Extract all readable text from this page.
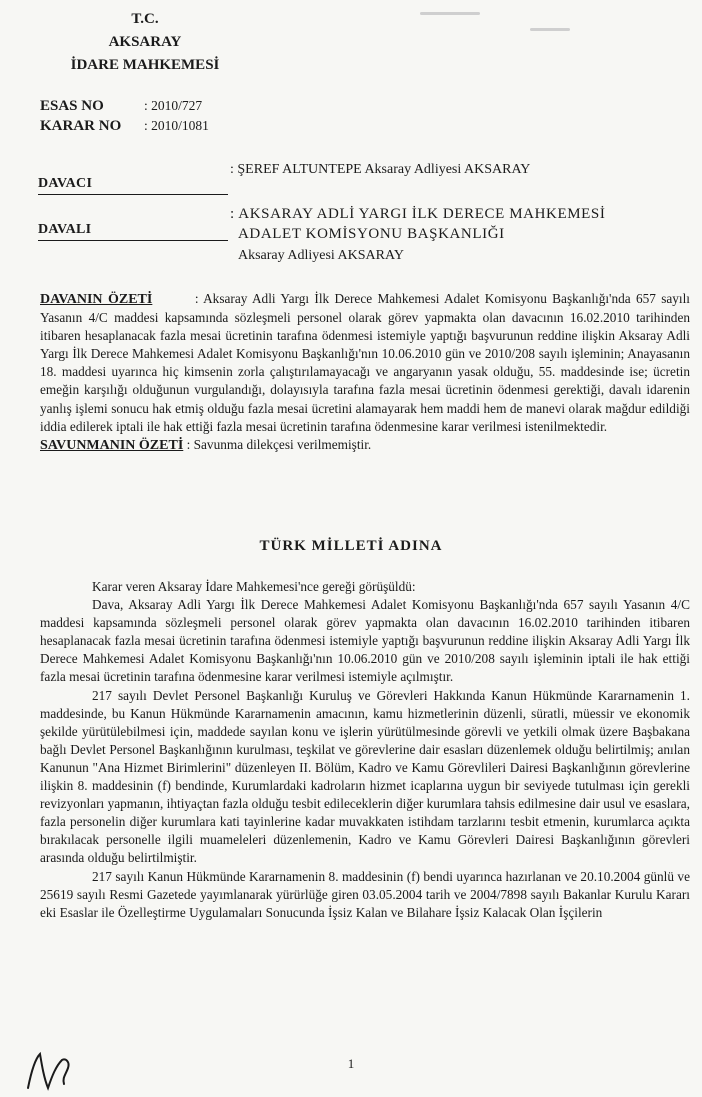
T.C.
AKSARAY
İDARE MAHKEMESİ
ESAS NO	: 2010/727
KARAR NO : 2010/1081
DAVACI
: ŞEREF ALTUNTEPE Aksaray Adliyesi AKSARAY
DAVALI
: AKSARAY ADLİ YARGI İLK DERECE MAHKEMESİ
ADALET KOMİSYONU BAŞKANLIĞI
Aksaray Adliyesi AKSARAY

DAVANIN ÖZETİ	: Aksaray Adli Yargı İlk Derece Mahkemesi Adalet Komisyonu Başkanlığı'nda 657 sayılı Yasanın 4/C maddesi kapsamında sözleşmeli personel olarak görev yapmakta olan davacının 16.02.2010 tarihinden itibaren hesaplanacak fazla mesai ücretinin tarafına ödenmesi istemiyle yaptığı başvurunun reddine ilişkin Aksaray Adli Yargı İlk Derece Mahkemesi Adalet Komisyonu Başkanlığı'nın 10.06.2010 gün ve 2010/208 sayılı işleminin; Anayasanın 18. maddesi uyarınca hiç kimsenin zorla çalıştırılamayacağı ve angaryanın yasak olduğu, 55. maddesinde ise; ücretin emeğin karşılığı olduğunun vurgulandığı, dolayısıyla tarafına fazla mesai ücretinin ödenmesi gerektiği, davalı idarenin yanlış işlemi sonucu hak etmiş olduğu fazla mesai ücretini alamayarak hem maddi hem de manevi olarak mağdur edildiği iddia edilerek iptali ile hak ettiği fazla mesai ücretinin tarafına ödenmesine karar verilmesi istenilmektedir.

SAVUNMANIN ÖZETİ : Savunma dilekçesi verilmemiştir.

TÜRK MİLLETİ ADINA

Karar veren Aksaray İdare Mahkemesi'nce gereği görüşüldü:

Dava, Aksaray Adli Yargı İlk Derece Mahkemesi Adalet Komisyonu Başkanlığı'nda 657 sayılı Yasanın 4/C maddesi kapsamında sözleşmeli personel olarak görev yapmakta olan davacının 16.02.2010 tarihinden itibaren hesaplanacak fazla mesai ücretinin tarafına ödenmesi istemiyle yaptığı başvurunun reddine ilişkin Aksaray Adli Yargı İlk Derece Mahkemesi Adalet Komisyonu Başkanlığı'nın 10.06.2010 gün ve 2010/208 sayılı işleminin iptali ile hak ettiği fazla mesai ücretinin tarafına ödenmesine karar verilmesi istemiyle açılmıştır.

217 sayılı Devlet Personel Başkanlığı Kuruluş ve Görevleri Hakkında Kanun Hükmünde Kararnamenin 1. maddesinde, bu Kanun Hükmünde Kararnamenin amacının, kamu hizmetlerinin düzenli, süratli, müessir ve ekonomik şekilde yürütülebilmesi için, maddede sayılan konu ve işlerin yürütülmesinde görevli ve yetkili olmak üzere Başbakana bağlı Devlet Personel Başkanlığının kurulması, teşkilat ve görevlerine dair esasları düzenlemek olduğu belirtilmiş; anılan Kanunun "Ana Hizmet Birimlerini" düzenleyen II. Bölüm, Kadro ve Kamu Görevlileri Dairesi Başkanlığının görevlerine ilişkin 8. maddesinin (f) bendinde, Kurumlardaki kadroların hizmet icaplarına uygun bir seviyede tutulması için gerekli revizyonları yapmanın, ihtiyaçtan fazla olduğu tesbit edileceklerin diğer kurumlara tahsis edilmesine dair usul ve esaslara, fazla personelin diğer kurumlara kati tayinlerine kadar muvakkaten istihdam tarzlarını tesbit etmenin, kurumlarca açıkta bırakılacak personelle ilgili muameleleri düzenlemenin, Kadro ve Kamu Görevleri Dairesi Başkanlığının görevleri arasında olduğu belirtilmiştir.

217 sayılı Kanun Hükmünde Kararnamenin 8. maddesinin (f) bendi uyarınca hazırlanan ve 20.10.2004 günlü ve 25619 sayılı Resmi Gazetede yayımlanarak yürürlüğe giren 03.05.2004 tarih ve 2004/7898 sayılı Bakanlar Kurulu Kararı eki Esaslar ile Özelleştirme Uygulamaları Sonucunda İşsiz Kalan ve Bilahare İşsiz Kalacak Olan İşçilerin

1
